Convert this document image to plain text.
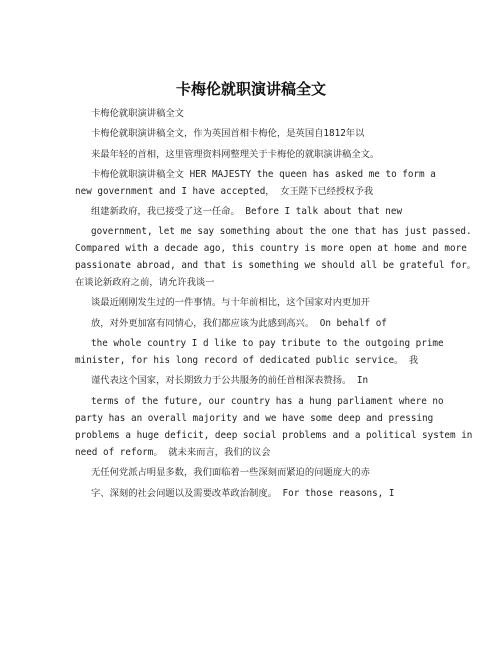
卡梅伦就职演讲稿全文
卡梅伦就职演讲稿全文
卡梅伦就职演讲稿全文，作为英国首相卡梅伦，是英国自1812年以
来最年轻的首相，这里管理资料网整理关于卡梅伦的就职演讲稿全文。
卡梅伦就职演讲稿全文 HER MAJESTY the queen has asked me to form a
new government and I have accepted， 女王陛下已经授权予我
组建新政府，我已接受了这一任命。 Before I talk about that new
government, let me say something about the one that has just passed.
Compared with a decade ago, this country is more open at home and more
passionate abroad, and that is something we should all be grateful for。
在谈论新政府之前，请允许我谈一
谈最近刚刚发生过的一件事情。与十年前相比，这个国家对内更加开
放，对外更加富有同情心，我们都应该为此感到高兴。 On behalf of
the whole country I d like to pay tribute to the outgoing prime
minister, for his long record of dedicated public service。 我
谨代表这个国家，对长期致力于公共服务的前任首相深表赞扬。 In
terms of the future, our country has a hung parliament where no
party has an overall majority and we have some deep and pressing
problems a huge deficit, deep social problems and a political system in
need of reform。 就未来而言，我们的议会
无任何党派占明显多数，我们面临着一些深刻而紧迫的问题庞大的赤
字、深刻的社会问题以及需要改革政治制度。 For those reasons, I
